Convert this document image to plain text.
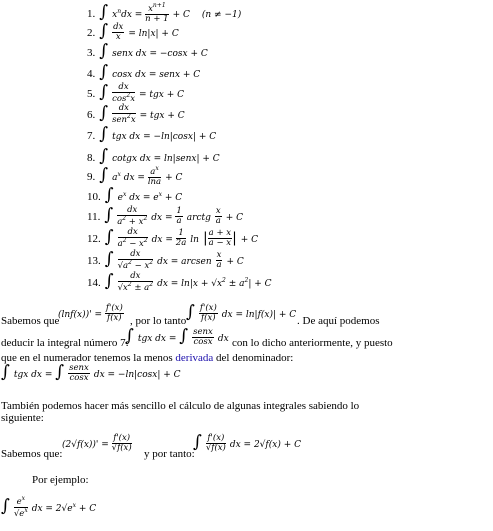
1. ∫ $x^ndx = \frac{x^{n+1}}{n + 1} + C$ (n ≠ −1)
2. ∫ $\frac{dx}{x} = \ln|x| + C$
3. ∫ senx dx = −cosx + C
4. ∫ cosx dx = senx + C
5. ∫ $\frac{dx}{\cos^2x}$ = tgx + C
6. ∫ $\frac{dx}{sen^2x}$ = tgx + C
7. ∫ tgx dx = −ln|cosx| + C
8. ∫ cotgx dx = ln|senx| + C
9. ∫ $a^x$ dx = $\frac{a^x}{\ln a} + C$
10. ∫ $e^x$ dx = $e^x + C$
11. ∫ $\frac{dx}{a^2 + x^2}$ dx = $\frac{1}{a}$ arctg $\frac{x}{a} + C$
12. ∫ $\frac{dx}{a^2 - x^2}$ dx = $\frac{1}{2a}$ ln | $\frac{a + x}{a - x}$ | + C
13. ∫ $\frac{dx}{√a^2 - x^2}$ dx = arcsen $\frac{x}{a} + C$
14. ∫ $\frac{dx}{√x^2 \pm a^2}$ dx = $\ln|x + √x^2 \pm a^2| + C$
Sabemos que
$(\ln f(x))' = \frac{f'(x)}{f(x)}$ , por lo tanto ∫ $\frac{f'(x)}{f(x)}$ dx = ln|f(x)| + C . De aquí podemos
deducir la integral número 7:
∫ tgx dx = ∫ $\frac{\text{senx}}{\cos x}$ dx con lo dicho anteriormente, y puesto
que en el numerador tenemos la menos derivada del denominador:
∫ tgx dx = ∫ $\frac{\text{senx}}{\cos x}$ dx = −ln|cosx| + C
También podemos hacer más sencillo el cálculo de algunas integrales sabiendo lo
siguiente:
Sabemos que:
$(2√f(x))' = \frac{f'(x)}{√f(x)}$
y por tanto:
∫ $\frac{f'(x)}{√f(x)}$ dx = 2√f(x) + C
Por ejemplo:
∫ $\frac{e^x}{√e^x}$ dx = $2√e^x + C$
